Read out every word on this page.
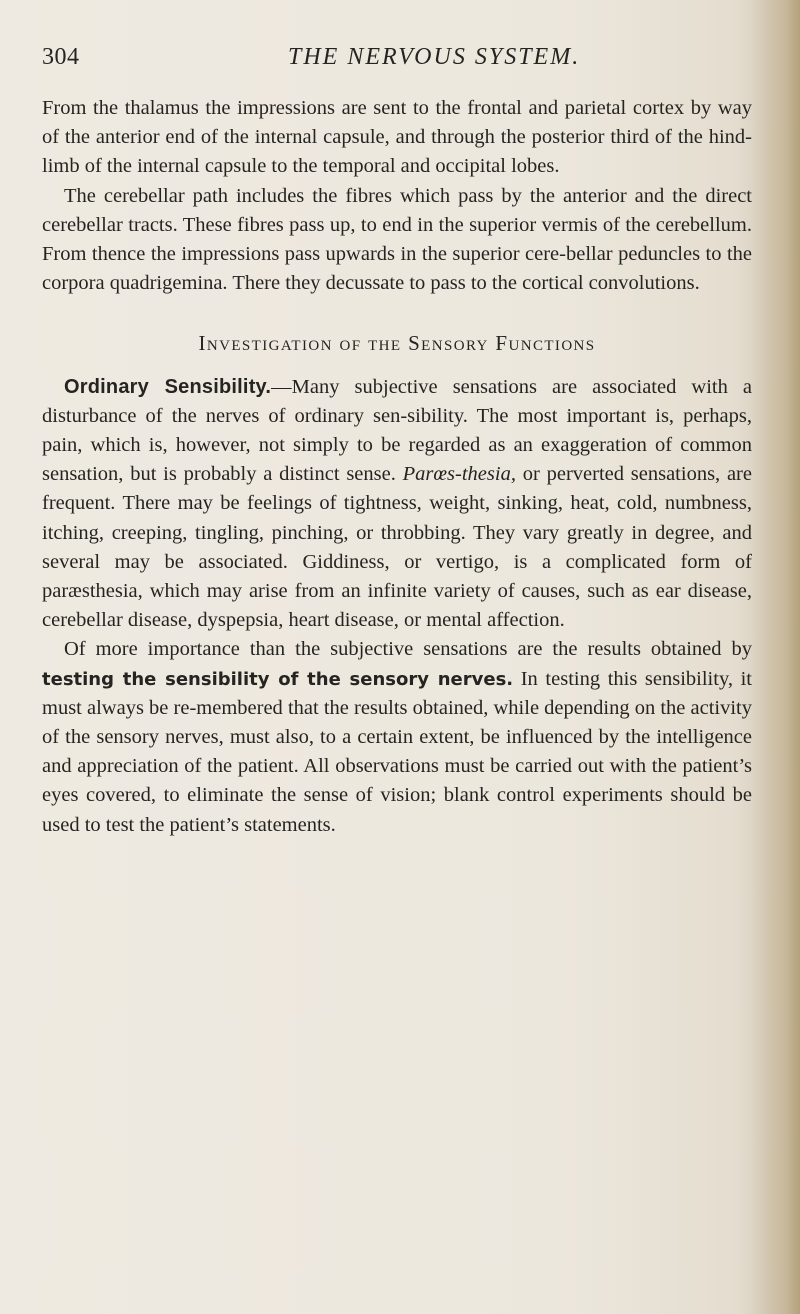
304	THE NERVOUS SYSTEM.

From the thalamus the impressions are sent to the frontal and parietal cortex by way of the anterior end of the internal capsule, and through the posterior third of the hind-limb of the internal capsule to the temporal and occipital lobes.

The cerebellar path includes the fibres which pass by the anterior and the direct cerebellar tracts. These fibres pass up, to end in the superior vermis of the cerebellum. From thence the impressions pass upwards in the superior cere-bellar peduncles to the corpora quadrigemina. There they decussate to pass to the cortical convolutions.

Investigation of the Sensory Functions

Ordinary Sensibility.—Many subjective sensations are associated with a disturbance of the nerves of ordinary sen-sibility. The most important is, perhaps, pain, which is, however, not simply to be regarded as an exaggeration of common sensation, but is probably a distinct sense. Parœs-thesia, or perverted sensations, are frequent. There may be feelings of tightness, weight, sinking, heat, cold, numbness, itching, creeping, tingling, pinching, or throbbing. They vary greatly in degree, and several may be associated. Giddiness, or vertigo, is a complicated form of paræsthesia, which may arise from an infinite variety of causes, such as ear disease, cerebellar disease, dyspepsia, heart disease, or mental affection.

Of more importance than the subjective sensations are the results obtained by testing the sensibility of the sensory nerves. In testing this sensibility, it must always be re-membered that the results obtained, while depending on the activity of the sensory nerves, must also, to a certain extent, be influenced by the intelligence and appreciation of the patient. All observations must be carried out with the patient’s eyes covered, to eliminate the sense of vision; blank control experiments should be used to test the patient’s statements.
